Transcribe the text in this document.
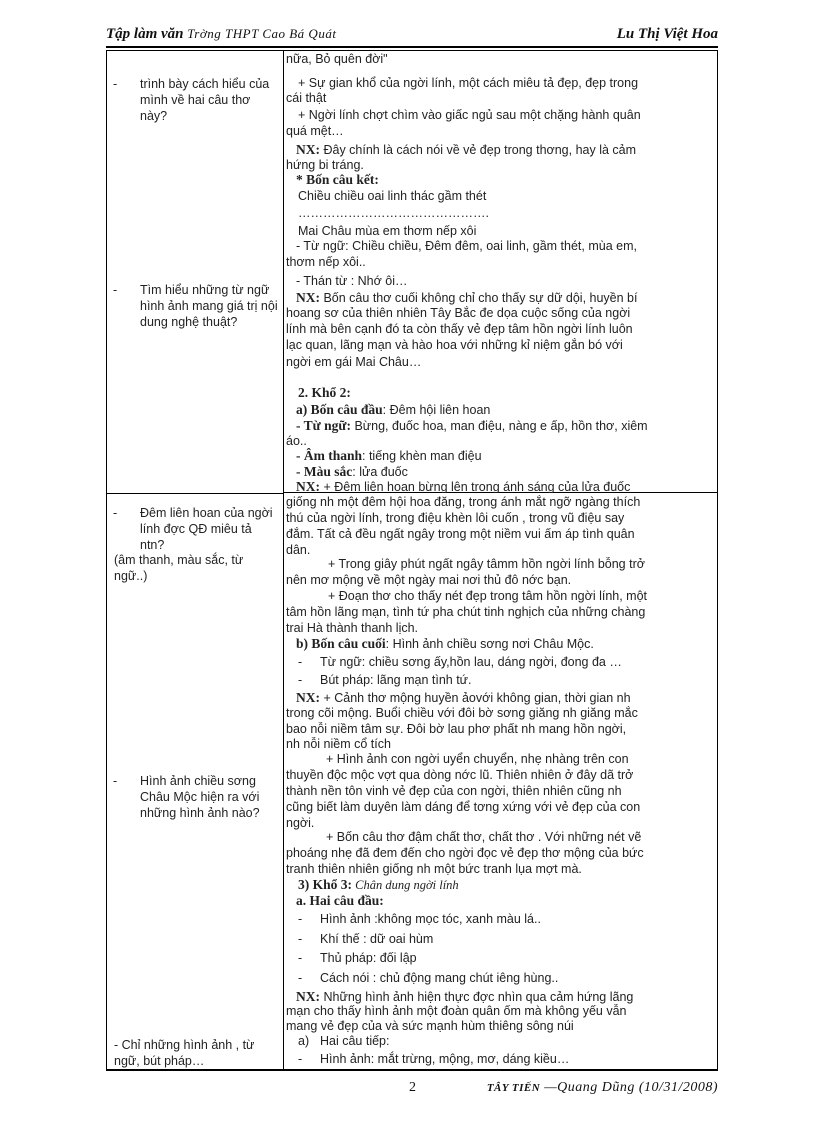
Tập làm văn Trờng THPT Cao Bá Quát	Lu Thị Việt Hoa
- trình bày cách hiểu của mình về hai câu thơ này?
- Tìm hiểu những từ ngữ hình ảnh mang giá trị nội dung nghệ thuật?
- Đêm liên hoan của ngời lính đợc QĐ miêu tả ntn?
(âm thanh, màu sắc, từ ngữ..)
- Hình ảnh chiều sơng Châu Mộc hiện ra với những hình ảnh nào?
- Chỉ những hình ảnh , từ ngữ, bút pháp…
nữa, Bỏ quên đời"
+ Sự gian khổ của ngời lính, một cách miêu tả đẹp, đẹp trong
cái thật
+ Ngời lính chợt chìm vào giấc ngủ sau một chặng hành quân
quá mệt…
NX: Đây chính là cách nói về vẻ đẹp trong thơng, hay là cảm
hứng bi tráng.
* Bốn câu kết:
Chiều chiều oai linh thác gầm thét
……………………………………….
Mai Châu mùa em thơm nếp xôi
- Từ ngữ: Chiều chiều, Đêm đêm, oai linh, gầm thét, mùa em,
thơm nếp xôi..
- Thán từ : Nhớ ôi…
NX: Bốn câu thơ cuối không chỉ cho thấy sự dữ dội, huyền bí
hoang sơ của thiên nhiên Tây Bắc đe dọa cuộc sống của ngời
lính mà bên cạnh đó ta còn thấy vẻ đẹp tâm hồn ngời lính luôn
lạc quan, lãng mạn và hào hoa với những kỉ niệm gắn bó với
ngời em gái Mai Châu…
2. Khổ 2:
a) Bốn câu đầu: Đêm hội liên hoan
- Từ ngữ: Bừng, đuốc hoa, man điệu, nàng e ấp, hồn thơ, xiêm
áo..
- Âm thanh: tiếng khèn man điệu
- Màu sắc: lửa đuốc
NX: + Đêm liên hoan bừng lên trong ánh sáng của lửa đuốc
giống nh một đêm hội hoa đăng, trong ánh mắt ngỡ ngàng thích
thú của ngời lính, trong điệu khèn lôi cuốn , trong vũ điệu say
đắm. Tất cả đều ngất ngây trong một niềm vui ấm áp tình quân
dân.
+ Trong giây phút ngất ngây tâmm hồn ngời lính bỗng trở
nên mơ mộng về một ngày mai nơi thủ đô nớc bạn.
+ Đoạn thơ cho thấy nét đẹp trong tâm hồn ngời lính, một
tâm hồn lãng mạn, tình tứ pha chút tinh nghịch của những chàng
trai Hà thành thanh lịch.
b) Bốn câu cuối: Hình ảnh chiều sơng nơi Châu Mộc.
- Từ ngữ: chiều sơng ấy,hồn lau, dáng ngời, đong đa …
- Bút pháp: lãng mạn tình tứ.
NX: + Cảnh thơ mộng huyền ảovới không gian, thời gian nh
trong cõi mộng. Buổi chiều với đôi bờ sơng giăng nh giăng mắc
bao nỗi niềm tâm sự. Đôi bờ lau phơ phất nh mang hồn ngời,
nh nỗi niềm cổ tích
+ Hình ảnh con ngời uyển chuyển, nhẹ nhàng trên con
thuyền độc mộc vợt qua dòng nớc lũ. Thiên nhiên ở đây dã trở
thành nền tôn vinh vẻ đẹp của con ngời, thiên nhiên cũng nh
cũng biết làm duyên làm dáng để tơng xứng với vẻ đẹp của con
ngời.
+ Bốn câu thơ đậm chất thơ, chất thơ . Với những nét vẽ
phoáng nhẹ đã đem đến cho ngời đọc vẻ đẹp thơ mộng của bức
tranh thiên nhiên giống nh một bức tranh lụa mợt mà.
3) Khổ 3: Chân dung ngời lính
a. Hai câu đầu:
- Hình ảnh :không mọc tóc, xanh màu lá..
- Khí thế : dữ oai hùm
- Thủ pháp: đối lập
- Cách nói : chủ động mang chút iêng hùng..
NX: Những hình ảnh hiện thực đợc nhìn qua cảm hứng lãng
mạn cho thấy hình ảnh một đoàn quân ốm mà không yếu vẫn
mang vẻ đẹp của và sức mạnh hùm thiêng sông núi
a) Hai câu tiếp:
- Hình ảnh: mắt trừng, mộng, mơ, dáng kiều…
2	TÂY TIẾN —Quang Dũng (10/31/2008)
